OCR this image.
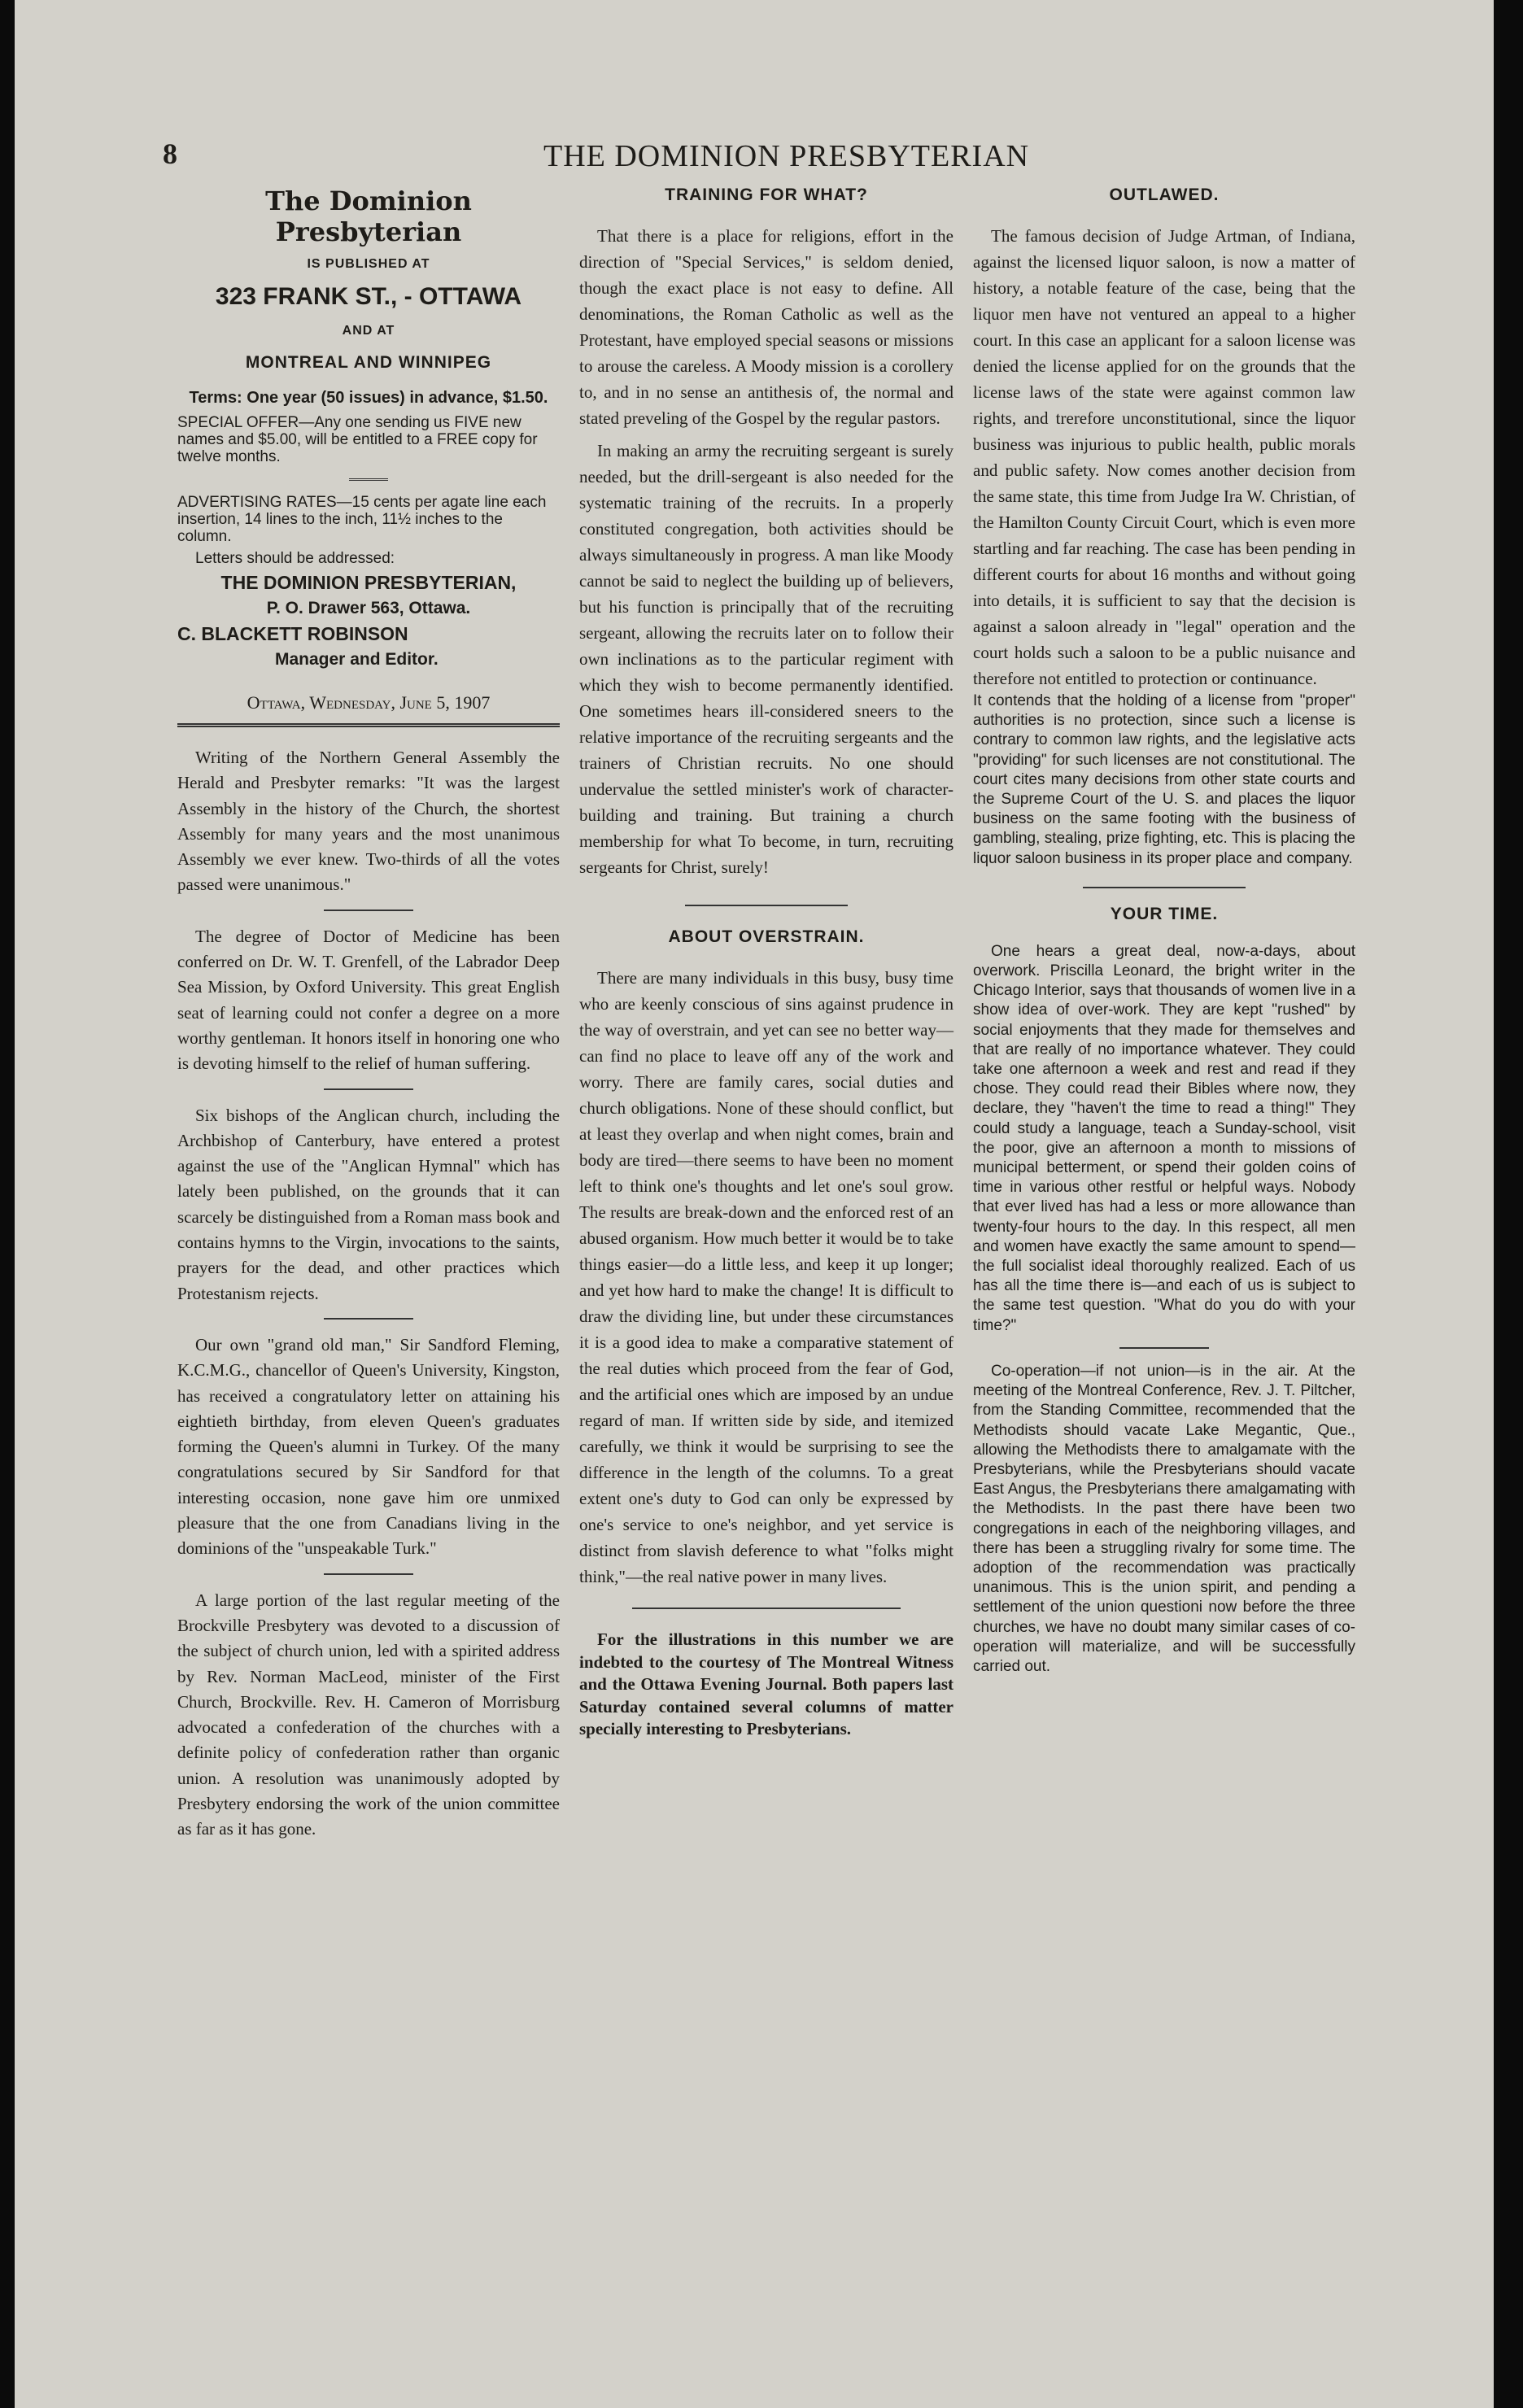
8	THE DOMINION PRESBYTERIAN
The Dominion Presbyterian
IS PUBLISHED AT
323 FRANK ST., - OTTAWA
AND AT
MONTREAL AND WINNIPEG
Terms: One year (50 issues) in advance, $1.50.
SPECIAL OFFER—Any one sending us FIVE new names and $5.00, will be entitled to a FREE copy for twelve months.
ADVERTISING RATES—15 cents per agate line each insertion, 14 lines to the inch, 11½ inches to the column.
Letters should be addressed:
THE DOMINION PRESBYTERIAN,
P. O. Drawer 563, Ottawa.
C. BLACKETT ROBINSON
Manager and Editor.
Ottawa, Wednesday, June 5, 1907

Writing of the Northern General Assembly the Herald and Presbyter remarks: "It was the largest Assembly in the history of the Church, the shortest Assembly for many years and the most unanimous Assembly we ever knew. Two-thirds of all the votes passed were unanimous."

The degree of Doctor of Medicine has been conferred on Dr. W. T. Grenfell, of the Labrador Deep Sea Mission, by Oxford University. This great English seat of learning could not confer a degree on a more worthy gentleman. It honors itself in honoring one who is devoting himself to the relief of human suffering.

Six bishops of the Anglican church, including the Archbishop of Canterbury, have entered a protest against the use of the "Anglican Hymnal" which has lately been published, on the grounds that it can scarcely be distinguished from a Roman mass book and contains hymns to the Virgin, invocations to the saints, prayers for the dead, and other practices which Protestanism rejects.

Our own "grand old man," Sir Sandford Fleming, K.C.M.G., chancellor of Queen's University, Kingston, has received a congratulatory letter on attaining his eightieth birthday, from eleven Queen's graduates forming the Queen's alumni in Turkey. Of the many congratulations secured by Sir Sandford for that interesting occasion, none gave him ore unmixed pleasure that the one from Canadians living in the dominions of the "unspeakable Turk."

A large portion of the last regular meeting of the Brockville Presbytery was devoted to a discussion of the subject of church union, led with a spirited address by Rev. Norman MacLeod, minister of the First Church, Brockville. Rev. H. Cameron of Morrisburg advocated a confederation of the churches with a definite policy of confederation rather than organic union. A resolution was unanimously adopted by Presbytery endorsing the work of the union committee as far as it has gone.

TRAINING FOR WHAT?

That there is a place for religions, effort in the direction of "Special Services," is seldom denied, though the exact place is not easy to define. All denominations, the Roman Catholic as well as the Protestant, have employed special seasons or missions to arouse the careless. A Moody mission is a corollery to, and in no sense an antithesis of, the normal and stated preveling of the Gospel by the regular pastors.

In making an army the recruiting sergeant is surely needed, but the drill-sergeant is also needed for the systematic training of the recruits. In a properly constituted congregation, both activities should be always simultaneously in progress. A man like Moody cannot be said to neglect the building up of believers, but his function is principally that of the recruiting sergeant, allowing the recruits later on to follow their own inclinations as to the particular regiment with which they wish to become permanently identified. One sometimes hears ill-considered sneers to the relative importance of the recruiting sergeants and the trainers of Christian recruits. No one should undervalue the settled minister's work of character-building and training. But training a church membership for what To become, in turn, recruiting sergeants for Christ, surely!

ABOUT OVERSTRAIN.

There are many individuals in this busy, busy time who are keenly conscious of sins against prudence in the way of overstrain, and yet can see no better way—can find no place to leave off any of the work and worry. There are family cares, social duties and church obligations. None of these should conflict, but at least they overlap and when night comes, brain and body are tired—there seems to have been no moment left to think one's thoughts and let one's soul grow. The results are break-down and the enforced rest of an abused organism. How much better it would be to take things easier—do a little less, and keep it up longer; and yet how hard to make the change! It is difficult to draw the dividing line, but under these circumstances it is a good idea to make a comparative statement of the real duties which proceed from the fear of God, and the artificial ones which are imposed by an undue regard of man. If written side by side, and itemized carefully, we think it would be surprising to see the difference in the length of the columns. To a great extent one's duty to God can only be expressed by one's service to one's neighbor, and yet service is distinct from slavish deference to what "folks might think,"—the real native power in many lives.

For the illustrations in this number we are indebted to the courtesy of The Montreal Witness and the Ottawa Evening Journal. Both papers last Saturday contained several columns of matter specially interesting to Presbyterians.

OUTLAWED.

The famous decision of Judge Artman, of Indiana, against the licensed liquor saloon, is now a matter of history, a notable feature of the case, being that the liquor men have not ventured an appeal to a higher court. In this case an applicant for a saloon license was denied the license applied for on the grounds that the license laws of the state were against common law rights, and trerefore unconstitutional, since the liquor business was injurious to public health, public morals and public safety. Now comes another decision from the same state, this time from Judge Ira W. Christian, of the Hamilton County Circuit Court, which is even more startling and far reaching. The case has been pending in different courts for about 16 months and without going into details, it is sufficient to say that the decision is against a saloon already in "legal" operation and the court holds such a saloon to be a public nuisance and therefore not entitled to protection or continuance.

It contends that the holding of a license from "proper" authorities is no protection, since such a license is contrary to common law rights, and the legislative acts "providing" for such licenses are not constitutional. The court cites many decisions from other state courts and the Supreme Court of the U. S. and places the liquor business on the same footing with the business of gambling, stealing, prize fighting, etc. This is placing the liquor saloon business in its proper place and company.

YOUR TIME.

One hears a great deal, now-a-days, about overwork. Priscilla Leonard, the bright writer in the Chicago Interior, says that thousands of women live in a show idea of over-work. They are kept "rushed" by social enjoyments that they made for themselves and that are really of no importance whatever. They could take one afternoon a week and rest and read if they chose. They could read their Bibles where now, they declare, they "haven't the time to read a thing!" They could study a language, teach a Sunday-school, visit the poor, give an afternoon a month to missions of municipal betterment, or spend their golden coins of time in various other restful or helpful ways. Nobody that ever lived has had a less or more allowance than twenty-four hours to the day. In this respect, all men and women have exactly the same amount to spend—the full socialist ideal thoroughly realized. Each of us has all the time there is—and each of us is subject to the same test question. "What do you do with your time?"

Co-operation—if not union—is in the air. At the meeting of the Montreal Conference, Rev. J. T. Piltcher, from the Standing Committee, recommended that the Methodists should vacate Lake Megantic, Que., allowing the Methodists there to amalgamate with the Presbyterians, while the Presbyterians should vacate East Angus, the Presbyterians there amalgamating with the Methodists. In the past there have been two congregations in each of the neighboring villages, and there has been a struggling rivalry for some time. The adoption of the recommendation was practically unanimous. This is the union spirit, and pending a settlement of the union questioni now before the three churches, we have no doubt many similar cases of co-operation will materialize, and will be successfully carried out.
